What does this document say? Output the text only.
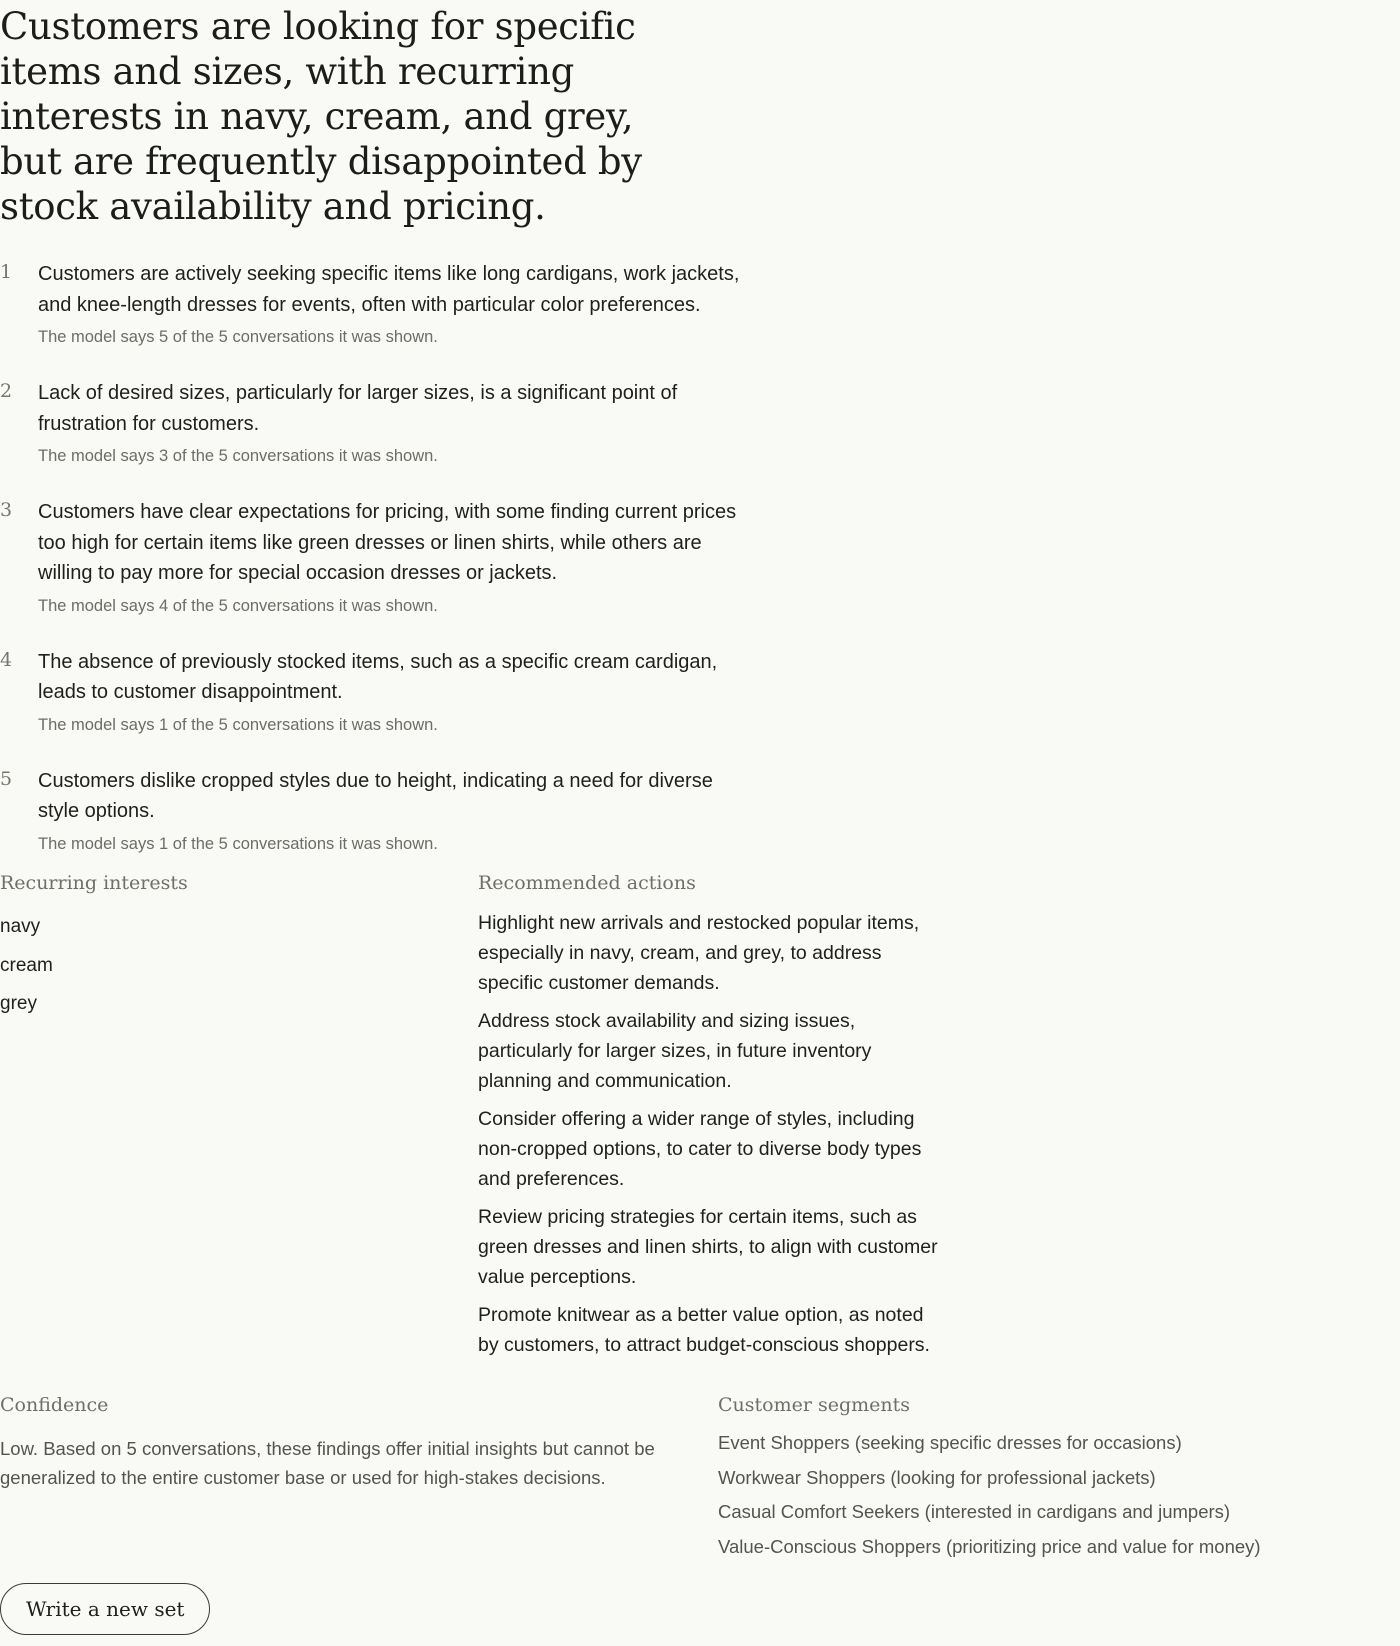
Customers are looking for specific items and sizes, with recurring interests in navy, cream, and grey, but are frequently disappointed by stock availability and pricing.
1 Customers are actively seeking specific items like long cardigans, work jackets, and knee-length dresses for events, often with particular color preferences.
The model says 5 of the 5 conversations it was shown.
2 Lack of desired sizes, particularly for larger sizes, is a significant point of frustration for customers.
The model says 3 of the 5 conversations it was shown.
3 Customers have clear expectations for pricing, with some finding current prices too high for certain items like green dresses or linen shirts, while others are willing to pay more for special occasion dresses or jackets.
The model says 4 of the 5 conversations it was shown.
4 The absence of previously stocked items, such as a specific cream cardigan, leads to customer disappointment.
The model says 1 of the 5 conversations it was shown.
5 Customers dislike cropped styles due to height, indicating a need for diverse style options.
The model says 1 of the 5 conversations it was shown.
Recurring interests
navy
cream
grey
Recommended actions
Highlight new arrivals and restocked popular items, especially in navy, cream, and grey, to address specific customer demands.
Address stock availability and sizing issues, particularly for larger sizes, in future inventory planning and communication.
Consider offering a wider range of styles, including non-cropped options, to cater to diverse body types and preferences.
Review pricing strategies for certain items, such as green dresses and linen shirts, to align with customer value perceptions.
Promote knitwear as a better value option, as noted by customers, to attract budget-conscious shoppers.
Confidence
Low. Based on 5 conversations, these findings offer initial insights but cannot be generalized to the entire customer base or used for high-stakes decisions.
Customer segments
Event Shoppers (seeking specific dresses for occasions)
Workwear Shoppers (looking for professional jackets)
Casual Comfort Seekers (interested in cardigans and jumpers)
Value-Conscious Shoppers (prioritizing price and value for money)
Write a new set
